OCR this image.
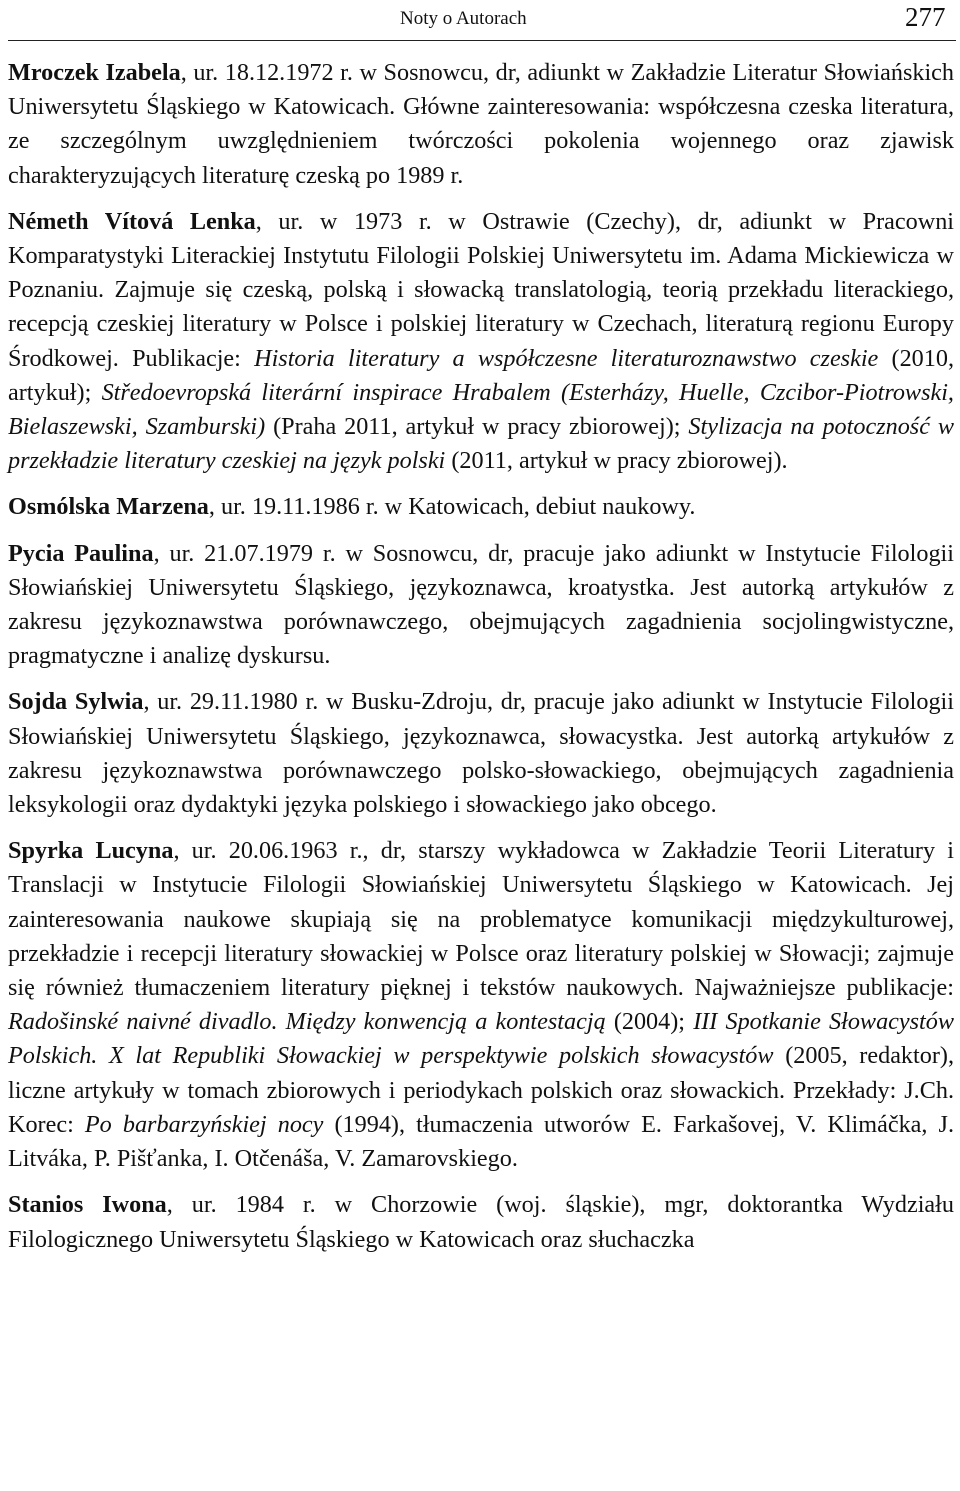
Noty o Autorach	277

Mroczek Izabela, ur. 18.12.1972 r. w Sosnowcu, dr, adiunkt w Zakładzie Literatur Słowiańskich Uniwersytetu Śląskiego w Katowicach. Główne zainteresowania: współczesna czeska literatura, ze szczególnym uwzględnieniem twórczości pokolenia wojennego oraz zjawisk charakteryzujących literaturę czeską po 1989 r.

Németh Vítová Lenka, ur. w 1973 r. w Ostrawie (Czechy), dr, adiunkt w Pracowni Komparatystyki Literackiej Instytutu Filologii Polskiej Uniwersytetu im. Adama Mickiewicza w Poznaniu. Zajmuje się czeską, polską i słowacką translatologią, teorią przekładu literackiego, recepcją czeskiej literatury w Polsce i polskiej literatury w Czechach, literaturą regionu Europy Środkowej. Publikacje: Historia literatury a współczesne literaturoznawstwo czeskie (2010, artykuł); Středoevropská literární inspirace Hrabalem (Esterházy, Huelle, Czcibor-Piotrowski, Bielaszewski, Szamburski) (Praha 2011, artykuł w pracy zbiorowej); Stylizacja na potoczność w przekładzie literatury czeskiej na język polski (2011, artykuł w pracy zbiorowej).

Osmólska Marzena, ur. 19.11.1986 r. w Katowicach, debiut naukowy.

Pycia Paulina, ur. 21.07.1979 r. w Sosnowcu, dr, pracuje jako adiunkt w Instytucie Filologii Słowiańskiej Uniwersytetu Śląskiego, językoznawca, kroatystka. Jest autorką artykułów z zakresu językoznawstwa porównawczego, obejmujących zagadnienia socjolingwistyczne, pragmatyczne i analizę dyskursu.

Sojda Sylwia, ur. 29.11.1980 r. w Busku-Zdroju, dr, pracuje jako adiunkt w Instytucie Filologii Słowiańskiej Uniwersytetu Śląskiego, językoznawca, słowacystka. Jest autorką artykułów z zakresu językoznawstwa porównawczego polsko-słowackiego, obejmujących zagadnienia leksykologii oraz dydaktyki języka polskiego i słowackiego jako obcego.

Spyrka Lucyna, ur. 20.06.1963 r., dr, starszy wykładowca w Zakładzie Teorii Literatury i Translacji w Instytucie Filologii Słowiańskiej Uniwersytetu Śląskiego w Katowicach. Jej zainteresowania naukowe skupiają się na problematyce komunikacji międzykulturowej, przekładzie i recepcji literatury słowackiej w Polsce oraz literatury polskiej w Słowacji; zajmuje się również tłumaczeniem literatury pięknej i tekstów naukowych. Najważniejsze publikacje: Radošinské naivné divadlo. Między konwencją a kontestacją (2004); III Spotkanie Słowacystów Polskich. X lat Republiki Słowackiej w perspektywie polskich słowacystów (2005, redaktor), liczne artykuły w tomach zbiorowych i periodykach polskich oraz słowackich. Przekłady: J.Ch. Korec: Po barbarzyńskiej nocy (1994), tłumaczenia utworów E. Farkašovej, V. Klimáčka, J. Litváka, P. Pišťanka, I. Otčenáša, V. Zamarovskiego.

Stanios Iwona, ur. 1984 r. w Chorzowie (woj. śląskie), mgr, doktorantka Wydziału Filologicznego Uniwersytetu Śląskiego w Katowicach oraz słuchaczka
